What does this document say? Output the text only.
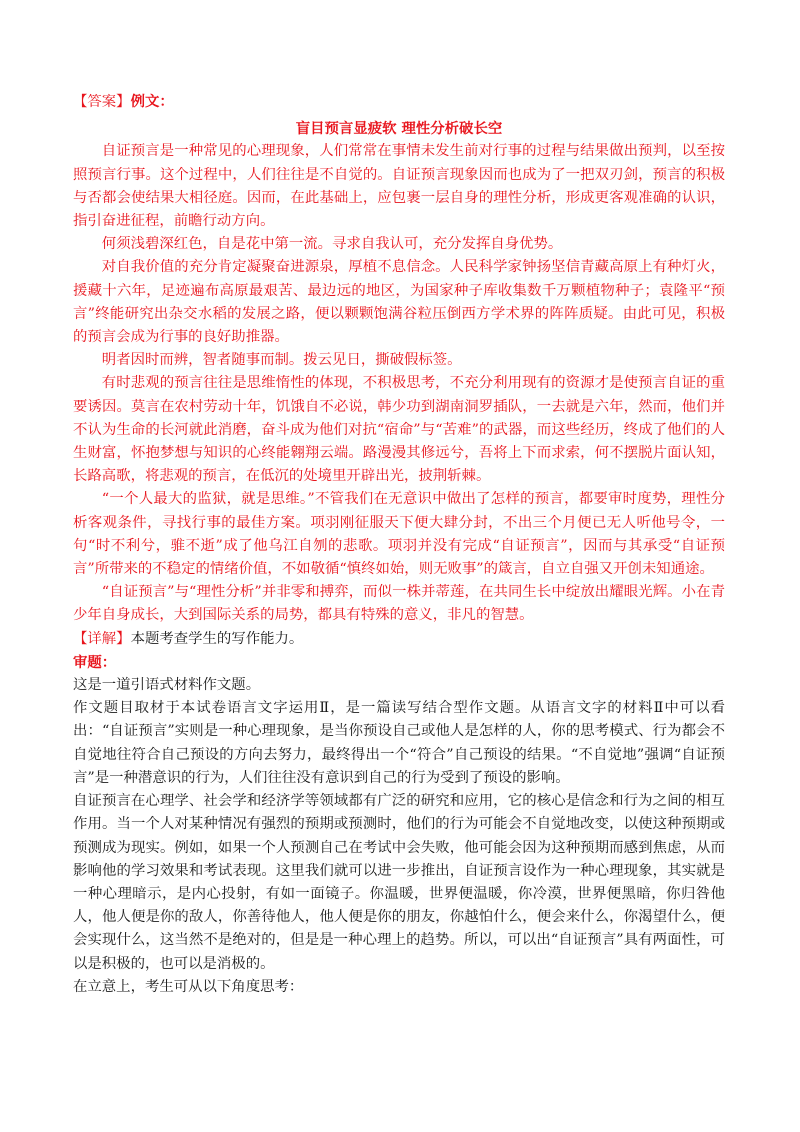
【答案】例文：

盲目预言显疲软 理性分析破长空

自证预言是一种常见的心理现象，人们常常在事情未发生前对行事的过程与结果做出预判，以至按照预言行事。这个过程中，人们往往是不自觉的。自证预言现象因而也成为了一把双刃剑，预言的积极与否都会使结果大相径庭。因而，在此基础上，应包裹一层自身的理性分析，形成更客观准确的认识，指引奋进征程，前瞻行动方向。

何须浅碧深红色，自是花中第一流。寻求自我认可，充分发挥自身优势。

对自我价值的充分肯定凝聚奋进源泉，厚植不息信念。人民科学家钟扬坚信青藏高原上有种灯火，援藏十六年，足迹遍布高原最艰苦、最边远的地区，为国家种子库收集数千万颗植物种子；袁隆平“预言”终能研究出杂交水稻的发展之路，便以颗颗饱满谷粒压倒西方学术界的阵阵质疑。由此可见，积极的预言会成为行事的良好助推器。

明者因时而辨，智者随事而制。拨云见日，撕破假标签。

有时悲观的预言往往是思维惰性的体现，不积极思考，不充分利用现有的资源才是使预言自证的重要诱因。莫言在农村劳动十年，饥饿自不必说，韩少功到湖南洞罗插队，一去就是六年，然而，他们并不认为生命的长河就此消磨，奋斗成为他们对抗“宿命”与“苦难”的武器，而这些经历，终成了他们的人生财富，怀抱梦想与知识的心终能翱翔云端。路漫漫其修远兮，吾将上下而求索，何不摆脱片面认知，长路高歌，将悲观的预言，在低沉的处境里开辟出光，披荆斩棘。

“一个人最大的监狱，就是思维。”不管我们在无意识中做出了怎样的预言，都要审时度势，理性分析客观条件，寻找行事的最佳方案。项羽刚征服天下便大肆分封，不出三个月便已无人听他号令，一句“时不利兮，骓不逝”成了他乌江自刎的悲歌。项羽并没有完成“自证预言”，因而与其承受“自证预言”所带来的不稳定的情绪价值，不如敬循“慎终如始，则无败事”的箴言，自立自强又开创未知通途。

“自证预言”与“理性分析”并非零和搏弈，而似一株并蒂莲，在共同生长中绽放出耀眼光辉。小在青少年自身成长，大到国际关系的局势，都具有特殊的意义，非凡的智慧。

【详解】本题考查学生的写作能力。

审题：

这是一道引语式材料作文题。

作文题目取材于本试卷语言文字运用Ⅱ，是一篇读写结合型作文题。从语言文字的材料Ⅱ中可以看出：“自证预言”实则是一种心理现象，是当你预设自己或他人是怎样的人，你的思考模式、行为都会不自觉地往符合自己预设的方向去努力，最终得出一个“符合”自己预设的结果。“不自觉地”强调“自证预言”是一种潜意识的行为，人们往往没有意识到自己的行为受到了预设的影响。

自证预言在心理学、社会学和经济学等领域都有广泛的研究和应用，它的核心是信念和行为之间的相互作用。当一个人对某种情况有强烈的预期或预测时，他们的行为可能会不自觉地改变，以使这种预期或预测成为现实。例如，如果一个人预测自己在考试中会失败，他可能会因为这种预期而感到焦虑，从而影响他的学习效果和考试表现。这里我们就可以进一步推出，自证预言设作为一种心理现象，其实就是一种心理暗示，是内心投射，有如一面镜子。你温暖，世界便温暖，你冷漠，世界便黑暗，你归咎他人，他人便是你的敌人，你善待他人，他人便是你的朋友，你越怕什么，便会来什么，你渴望什么，便会实现什么，这当然不是绝对的，但是是一种心理上的趋势。所以，可以出“自证预言”具有两面性，可以是积极的，也可以是消极的。

在立意上，考生可从以下角度思考：
